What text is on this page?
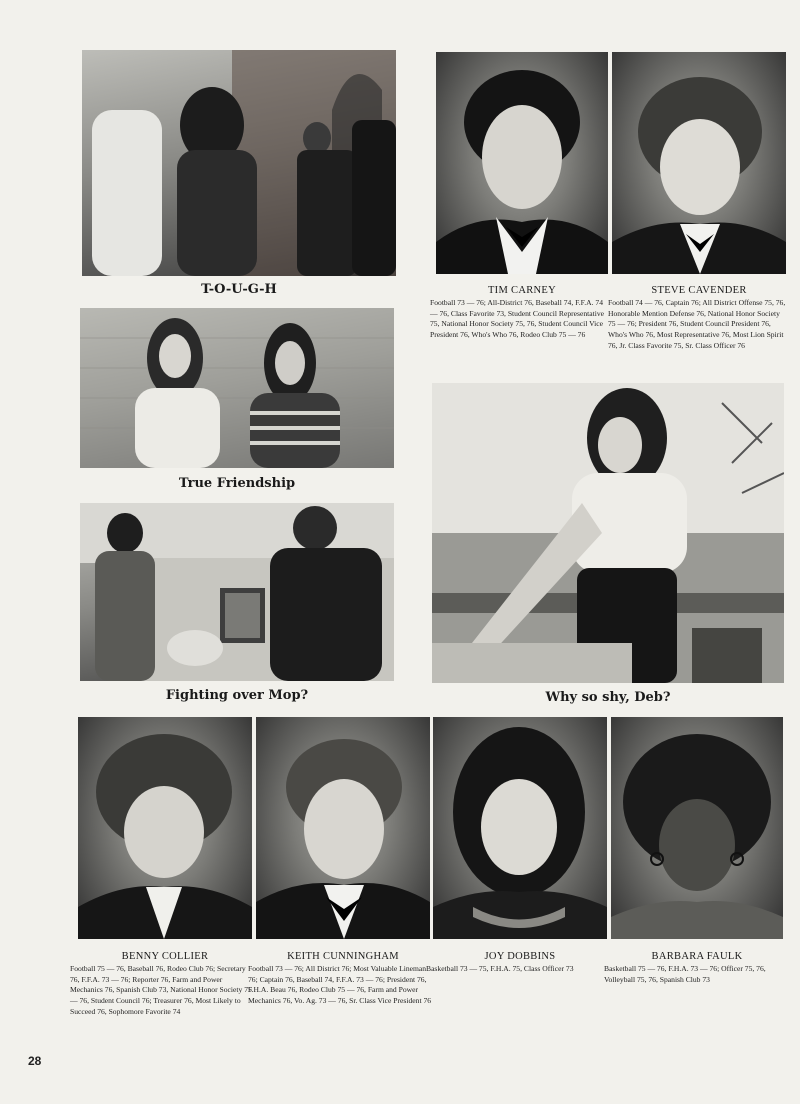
T-O-U-G-H
True Friendship
Fighting over Mop?	Why so shy, Deb?
TIM CARNEY
Football 73 — 76; All-District 76, Baseball 74, F.F.A. 74 — 76, Class Favorite 73, Student Council Representative 75, National Honor Society 75, 76, Student Council Vice President 76, Who's Who 76, Rodeo Club 75 — 76
STEVE CAVENDER
Football 74 — 76, Captain 76; All District Offense 75, 76, Honorable Mention Defense 76, National Honor Society 75 — 76; President 76, Student Council President 76, Who's Who 76, Most Representative 76, Most Lion Spirit 76, Jr. Class Favorite 75, Sr. Class Officer 76
BENNY COLLIER
Football 75 — 76, Baseball 76, Rodeo Club 76; Secretary 76, F.F.A. 73 — 76; Reporter 76, Farm and Power Mechanics 76, Spanish Club 73, National Honor Society 75 — 76, Student Council 76; Treasurer 76, Most Likely to Succeed 76, Sophomore Favorite 74
KEITH CUNNINGHAM
Football 73 — 76; All District 76; Most Valuable Lineman 76; Captain 76, Baseball 74, F.F.A. 73 — 76; President 76, F.H.A. Beau 76, Rodeo Club 75 — 76, Farm and Power Mechanics 76, Vo. Ag. 73 — 76, Sr. Class Vice President 76
JOY DOBBINS
Basketball 73 — 75, F.H.A. 75, Class Officer 73
BARBARA FAULK
Basketball 75 — 76, F.H.A. 73 — 76; Officer 75, 76, Volleyball 75, 76, Spanish Club 73
28
